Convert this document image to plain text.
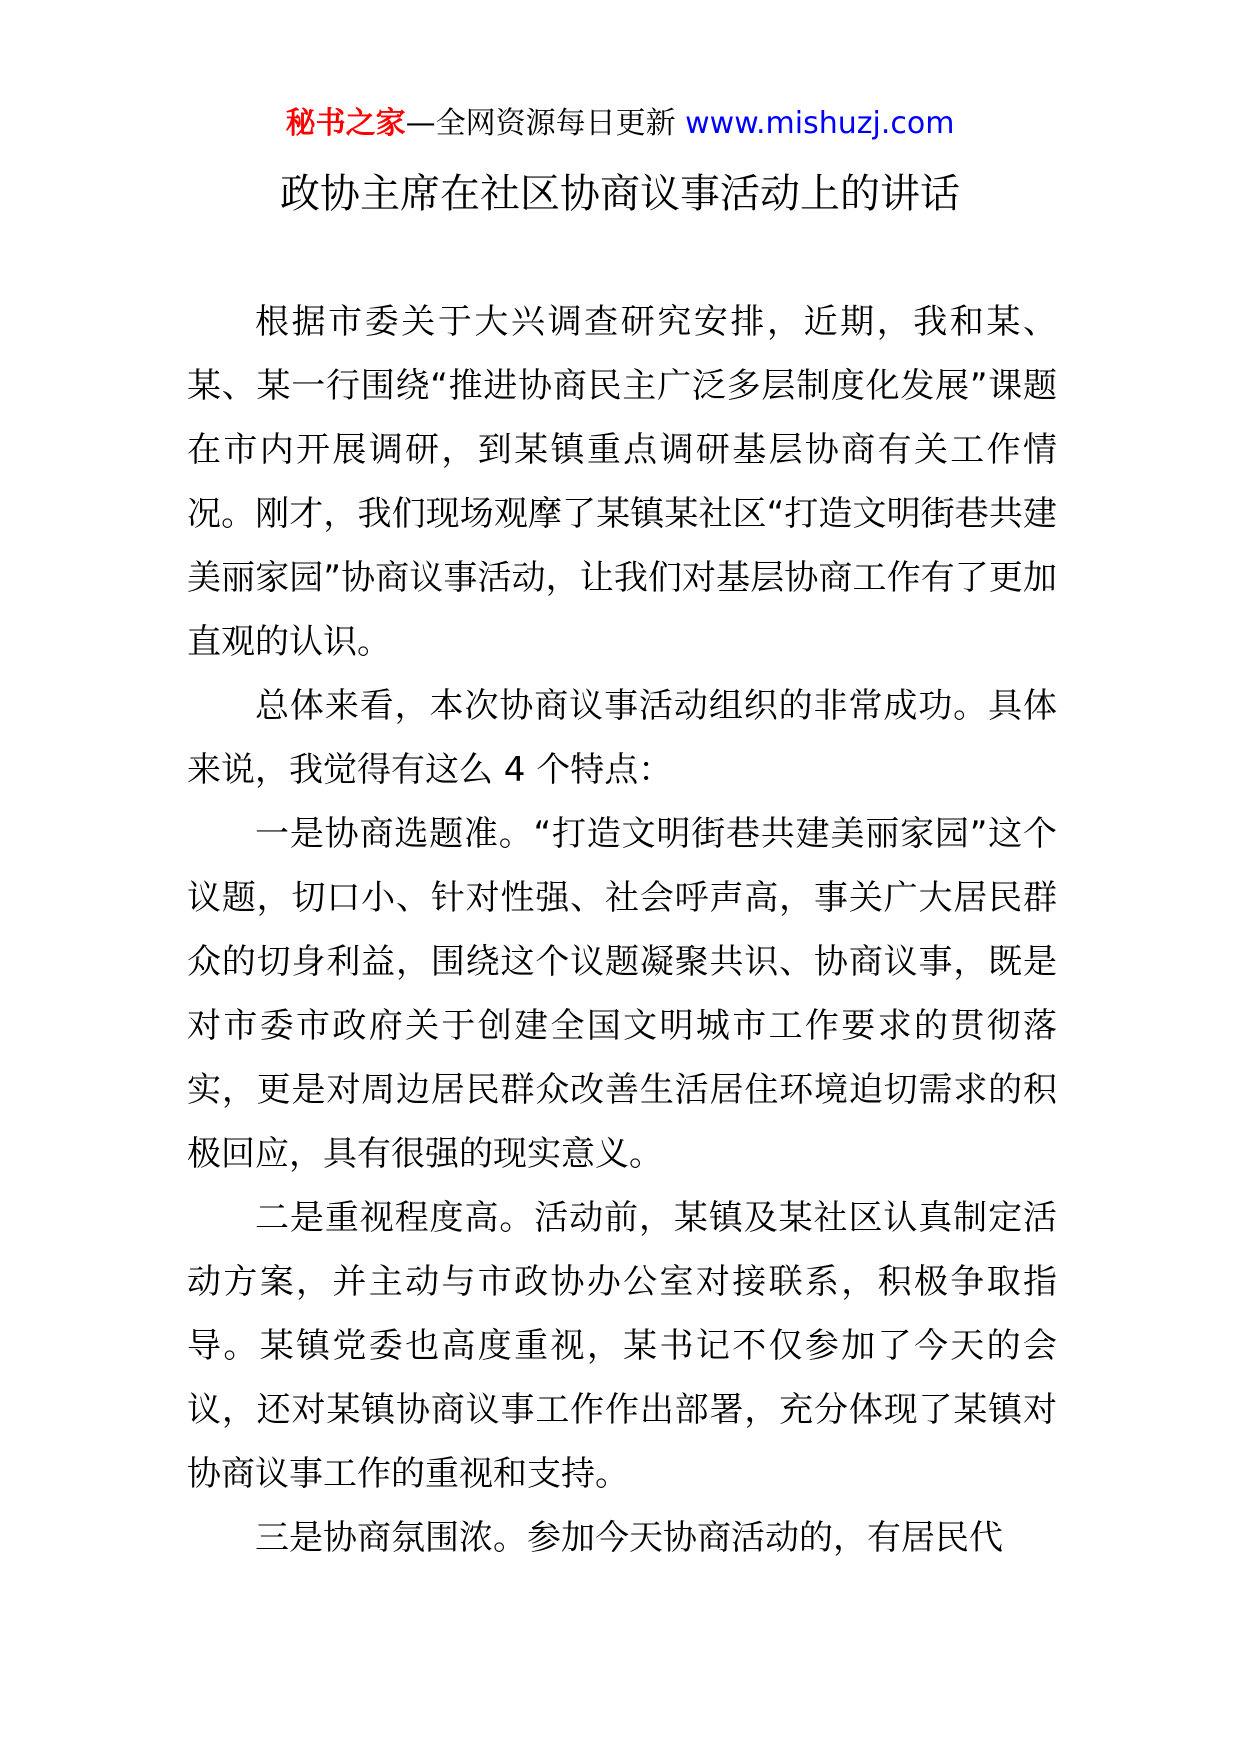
秘书之家—全网资源每日更新 www.mishuzj.com
政协主席在社区协商议事活动上的讲话

根据市委关于大兴调查研究安排，近期，我和某、某、某一行围绕“推进协商民主广泛多层制度化发展”课题在市内开展调研，到某镇重点调研基层协商有关工作情况。刚才，我们现场观摩了某镇某社区“打造文明街巷共建美丽家园”协商议事活动，让我们对基层协商工作有了更加直观的认识。

总体来看，本次协商议事活动组织的非常成功。具体来说，我觉得有这么 4 个特点：

一是协商选题准。“打造文明街巷共建美丽家园”这个议题，切口小、针对性强、社会呼声高，事关广大居民群众的切身利益，围绕这个议题凝聚共识、协商议事，既是对市委市政府关于创建全国文明城市工作要求的贯彻落实，更是对周边居民群众改善生活居住环境迫切需求的积极回应，具有很强的现实意义。

二是重视程度高。活动前，某镇及某社区认真制定活动方案，并主动与市政协办公室对接联系，积极争取指导。某镇党委也高度重视，某书记不仅参加了今天的会议，还对某镇协商议事工作作出部署，充分体现了某镇对协商议事工作的重视和支持。

三是协商氛围浓。参加今天协商活动的，有居民代
